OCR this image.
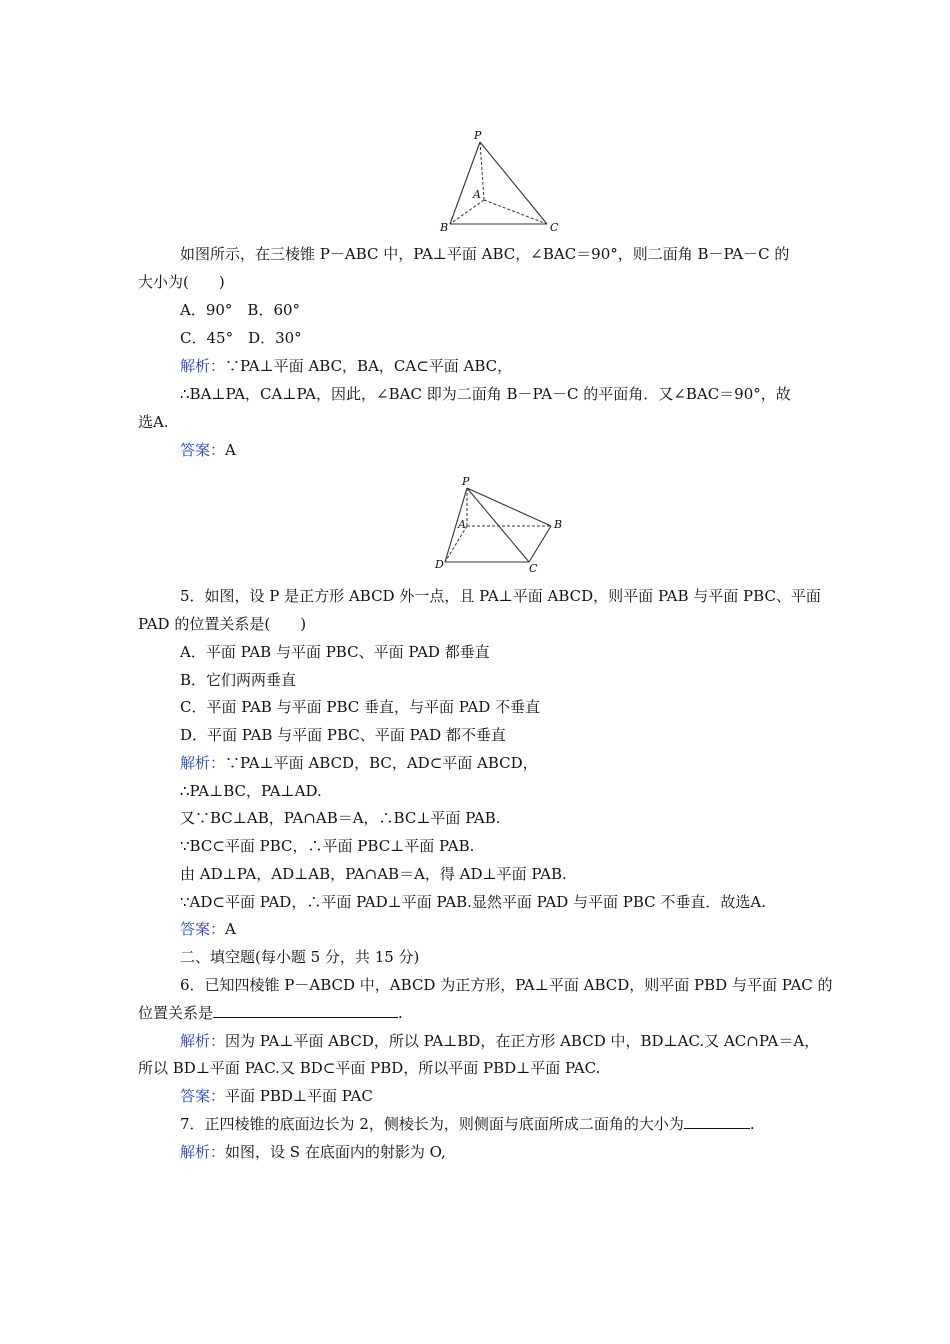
P
A
B	C
如图所示，在三棱锥 P－ABC 中，PA⊥平面 ABC，∠BAC＝90°，则二面角 B－PA－C 的
大小为(　　)
A．90°　B．60°
C．45°　D．30°
解析：∵PA⊥平面 ABC，BA，CA⊂平面 ABC，
∴BA⊥PA，CA⊥PA，因此，∠BAC 即为二面角 B－PA－C 的平面角．又∠BAC＝90°，故
选A.
答案：A
P
A	B
C
D
5．如图，设 P 是正方形 ABCD 外一点，且 PA⊥平面 ABCD，则平面 PAB 与平面 PBC、平面
PAD 的位置关系是(　　)
A．平面 PAB 与平面 PBC、平面 PAD 都垂直
B．它们两两垂直
C．平面 PAB 与平面 PBC 垂直，与平面 PAD 不垂直
D．平面 PAB 与平面 PBC、平面 PAD 都不垂直
解析：∵PA⊥平面 ABCD，BC，AD⊂平面 ABCD，
∴PA⊥BC，PA⊥AD.
又∵BC⊥AB，PA∩AB＝A，∴BC⊥平面 PAB.
∵BC⊂平面 PBC，∴平面 PBC⊥平面 PAB.
由 AD⊥PA，AD⊥AB，PA∩AB＝A，得 AD⊥平面 PAB.
∵AD⊂平面 PAD，∴平面 PAD⊥平面 PAB.显然平面 PAD 与平面 PBC 不垂直．故选A.
答案：A
二、填空题(每小题 5 分，共 15 分)
6．已知四棱锥 P－ABCD 中，ABCD 为正方形，PA⊥平面 ABCD，则平面 PBD 与平面 PAC 的
位置关系是	.
解析：因为 PA⊥平面 ABCD，所以 PA⊥BD，在正方形 ABCD 中，BD⊥AC.又 AC∩PA＝A，
所以 BD⊥平面 PAC.又 BD⊂平面 PBD，所以平面 PBD⊥平面 PAC.
答案：平面 PBD⊥平面 PAC
7．正四棱锥的底面边长为 2，侧棱长为，则侧面与底面所成二面角的大小为	.
解析：如图，设 S 在底面内的射影为 O,
